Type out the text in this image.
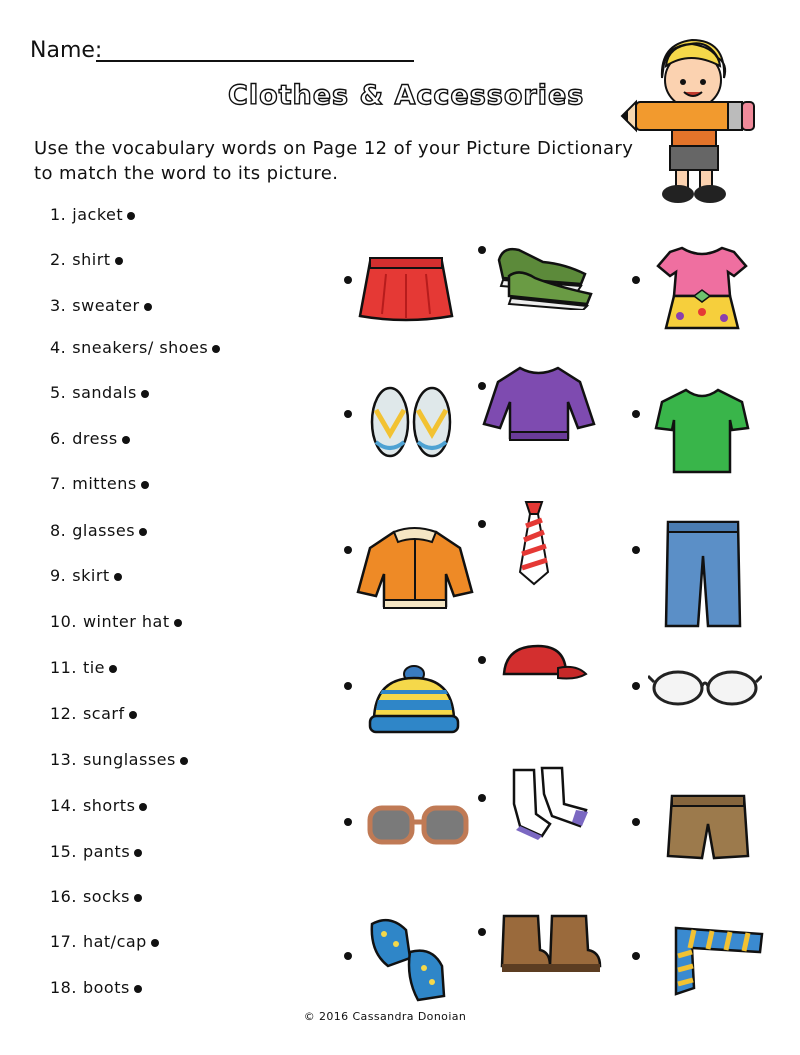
Name:
Clothes & Accessories
Use the vocabulary words on Page 12 of your Picture Dictionary
to match the word to its picture.
1. jacket
2. shirt
3. sweater
4. sneakers/ shoes
5. sandals
6. dress
7. mittens
8. glasses
9. skirt
10. winter hat
11. tie
12. scarf
13. sunglasses
14. shorts
15. pants
16. socks
17. hat/cap
18. boots
© 2016 Cassandra Donoian
